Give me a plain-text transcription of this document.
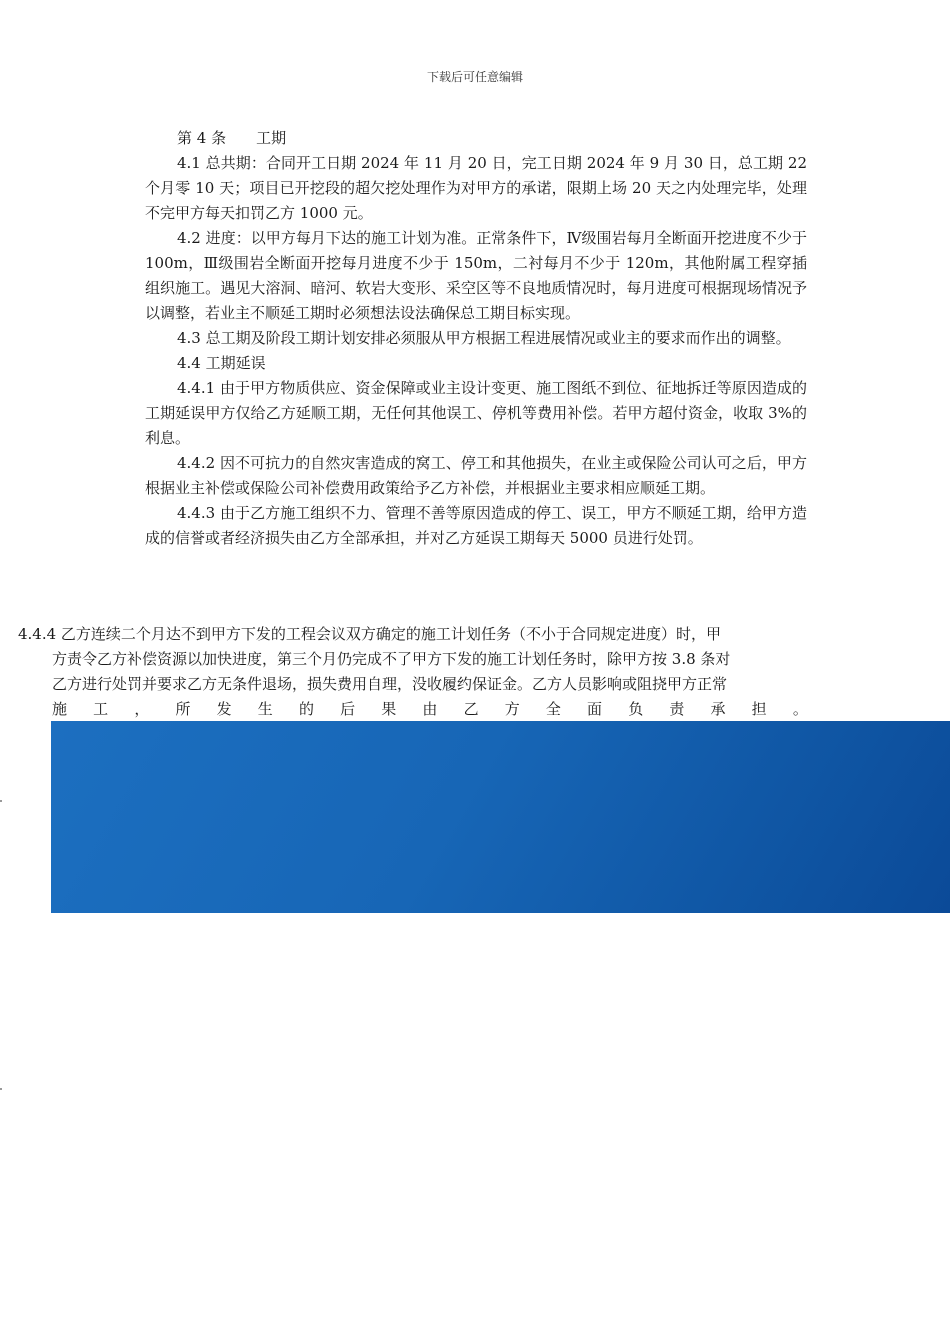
下载后可任意编辑

第 4 条 工期

4.1 总共期：合同开工日期 2024 年 11 月 20 日，完工日期 2024 年 9 月 30 日，总工期 22 个月零 10 天；项目已开挖段的超欠挖处理作为对甲方的承诺，限期上场 20 天之内处理完毕，处理不完甲方每天扣罚乙方 1000 元。

4.2 进度：以甲方每月下达的施工计划为准。正常条件下，Ⅳ级围岩每月全断面开挖进度不少于 100m，Ⅲ级围岩全断面开挖每月进度不少于 150m，二衬每月不少于 120m，其他附属工程穿插组织施工。遇见大溶洞、暗河、软岩大变形、采空区等不良地质情况时，每月进度可根据现场情况予以调整，若业主不顺延工期时必须想法设法确保总工期目标实现。

4.3 总工期及阶段工期计划安排必须服从甲方根据工程进展情况或业主的要求而作出的调整。

4.4 工期延误

4.4.1 由于甲方物质供应、资金保障或业主设计变更、施工图纸不到位、征地拆迁等原因造成的工期延误甲方仅给乙方延顺工期，无任何其他误工、停机等费用补偿。若甲方超付资金，收取 3%的利息。

4.4.2 因不可抗力的自然灾害造成的窝工、停工和其他损失，在业主或保险公司认可之后，甲方根据业主补偿或保险公司补偿费用政策给予乙方补偿，并根据业主要求相应顺延工期。

4.4.3 由于乙方施工组织不力、管理不善等原因造成的停工、误工，甲方不顺延工期，给甲方造成的信誉或者经济损失由乙方全部承担，并对乙方延误工期每天 5000 员进行处罚。

4.4.4 乙方连续二个月达不到甲方下发的工程会议双方确定的施工计划任务（不小于合同规定进度）时，甲
方责令乙方补偿资源以加快进度，第三个月仍完成不了甲方下发的施工计划任务时，除甲方按 3.8 条对
乙方进行处罚并要求乙方无条件退场，损失费用自理，没收履约保证金。乙方人员影响或阻挠甲方正常
施 工 ， 所 发 生 的 后 果 由 乙 方 全 面 负 责 承 担 。
